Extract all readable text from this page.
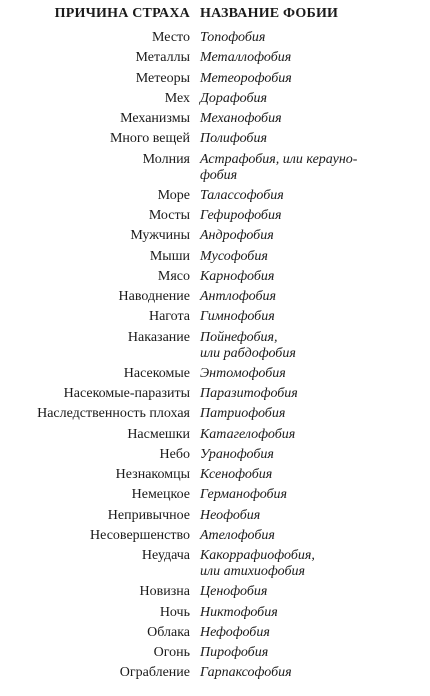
ПРИЧИНА СТРАХА НАЗВАНИЕ ФОБИИ
Место Топофобия
Металлы Металлофобия
Метеоры Метеорофобия
Мех Дорафобия
Механизмы Механофобия
Много вещей Полифобия
Молния Астрафобия, или керауно-
фобия
Море Талассофобия
Мосты Гефирофобия
Мужчины Андрофобия
Мыши Мусофобия
Мясо Карнофобия
Наводнение Антлофобия
Нагота Гимнофобия
Наказание Пойнефобия,
или рабдофобия
Насекомые Энтомофобия
Насекомые-паразиты Паразитофобия
Наследственность плохая Патриофобия
Насмешки Катагелофобия
Небо Уранофобия
Незнакомцы Ксенофобия
Немецкое Германофобия
Непривычное Неофобия
Несовершенство Ателофобия
Неудача Какоррафиофобия,
или атихиофобия
Новизна Ценофобия
Ночь Никтофобия
Облака Нефофобия
Огонь Пирофобия
Ограбление Гарпаксофобия
